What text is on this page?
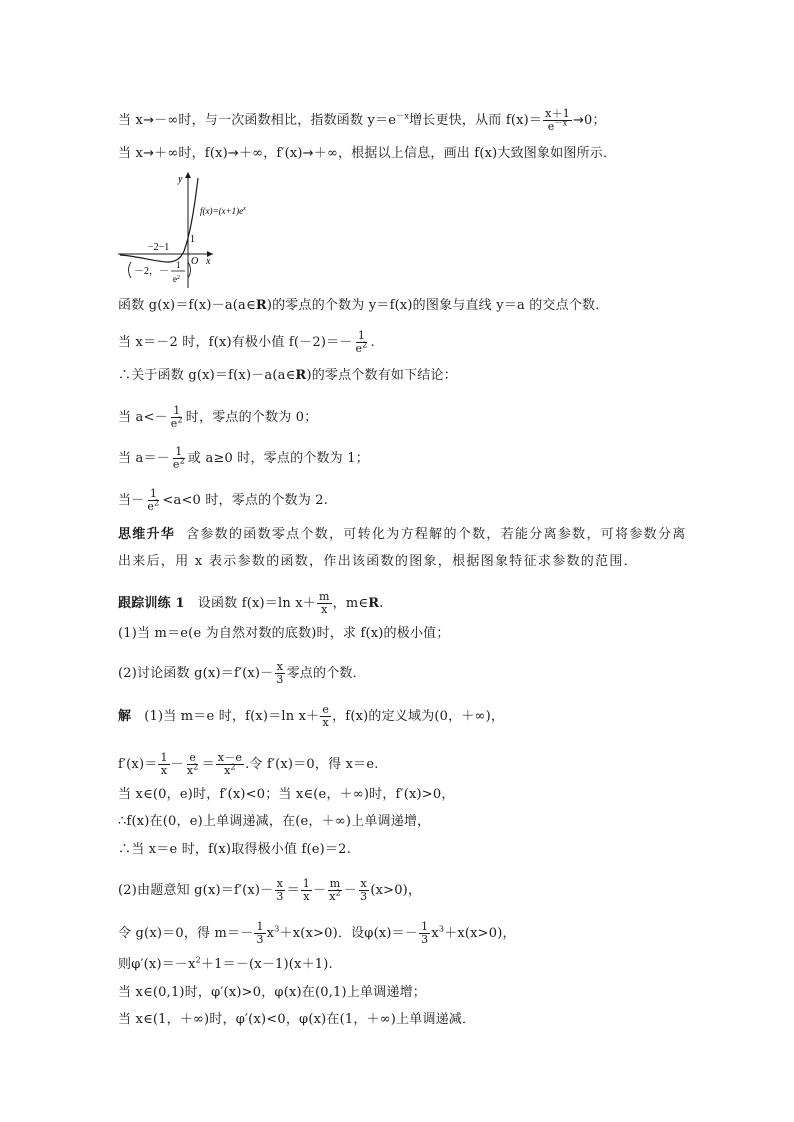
当 x→－∞时，与一次函数相比，指数函数 $y=e^{-x}$增长更快，从而 $f(x)= \frac{x+1}{e^{-x}} \to 0$；
当 x→＋∞时，f(x)→＋∞，f′(x)→＋∞，根据以上信息，画出 f(x)大致图象如图所示．
y
x
O
−2−1
1
$f(x)=(x+1)e^x$
－2，－
1
$e^2$
函数 g(x)＝f(x)－a(a∈R)的零点的个数为 y＝f(x)的图象与直线 y＝a 的交点个数．
当 x＝－2 时，f(x)有极小值 $f(-2)=- \frac{1}{e^2}$ .
∴关于函数 g(x)＝f(x)－a(a∈R)的零点个数有如下结论：
当 $a<- \frac{1}{e^2}$ 时，零点的个数为 0；
当 $a=- \frac{1}{e^2}$ 或 a≥0 时，零点的个数为 1；
当－ $\frac{1}{e^2} <a<0$ 时，零点的个数为 2.
思维升华 含参数的函数零点个数，可转化为方程解的个数，若能分离参数，可将参数分离
出来后，用 x 表示参数的函数，作出该函数的图象，根据图象特征求参数的范围．
跟踪训练 1 设函数 f(x)＝ln $x+ \frac{m}{x}$ ，m∈R.
(1)当 m＝e(e 为自然对数的底数)时，求 f(x)的极小值；
(2)讨论函数 $g(x)=f'(x)- \frac{x}{3}$ 零点的个数．
解 (1)当 m＝e 时，f(x)＝ln $x+ \frac{e}{x}$ ，f(x)的定义域为(0，＋∞)，
$f'(x)= \frac{1}{x} - \frac{e}{x^2} = \frac{x-e}{x^2}$ .令 f′(x)＝0，得 x＝e.
当 x∈(0，e)时，f′(x)<0；当 x∈(e，＋∞)时，f′(x)>0，
∴f(x)在(0，e)上单调递减，在(e，＋∞)上单调递增，
∴当 x＝e 时，f(x)取得极小值 f(e)＝2.
(2)由题意知 $g(x)=f'(x)- \frac{x}{3} = \frac{1}{x} - \frac{m}{x^2} - \frac{x}{3} (x>0)$，
令 g(x)＝0，得 $m=- \frac{1}{3} x^3+x(x>0)$．设$\varphi(x)=- \frac{1}{3} x^3+x(x>0)$，
则$\varphi'(x)=-x^2+1=-(x-1)(x+1)$.
当 x∈(0,1)时，φ′(x)>0，φ(x)在(0,1)上单调递增；
当 x∈(1，＋∞)时，φ′(x)<0，φ(x)在(1，＋∞)上单调递减．
